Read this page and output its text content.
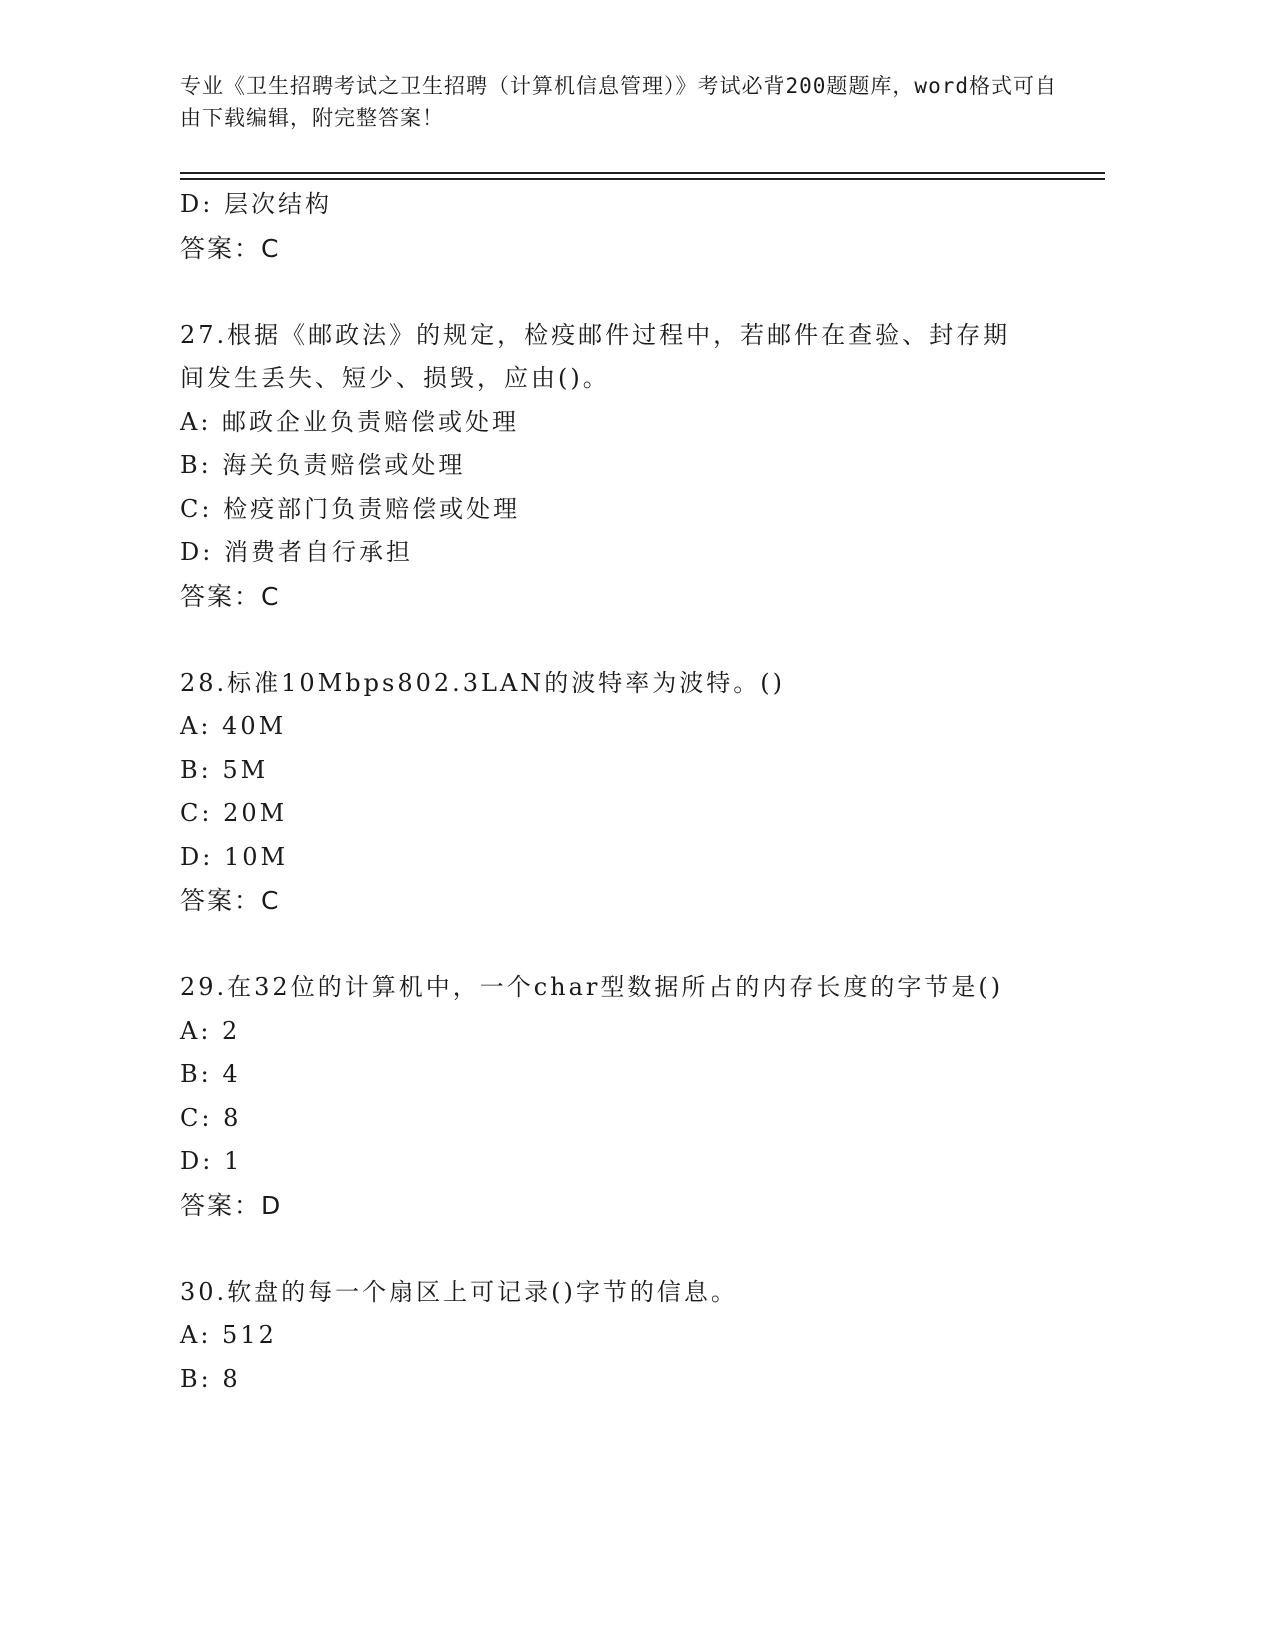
专业《卫生招聘考试之卫生招聘（计算机信息管理）》考试必背200题题库，word格式可自由下载编辑，附完整答案！
D: 层次结构
答案：C
27.根据《邮政法》的规定，检疫邮件过程中，若邮件在查验、封存期
间发生丢失、短少、损毁，应由()。
A: 邮政企业负责赔偿或处理
B: 海关负责赔偿或处理
C: 检疫部门负责赔偿或处理
D: 消费者自行承担
答案：C
28.标准10Mbps802.3LAN的波特率为波特。()
A: 40M
B: 5M
C: 20M
D: 10M
答案：C
29.在32位的计算机中，一个char型数据所占的内存长度的字节是()
A: 2
B: 4
C: 8
D: 1
答案：D
30.软盘的每一个扇区上可记录()字节的信息。
A: 512
B: 8
